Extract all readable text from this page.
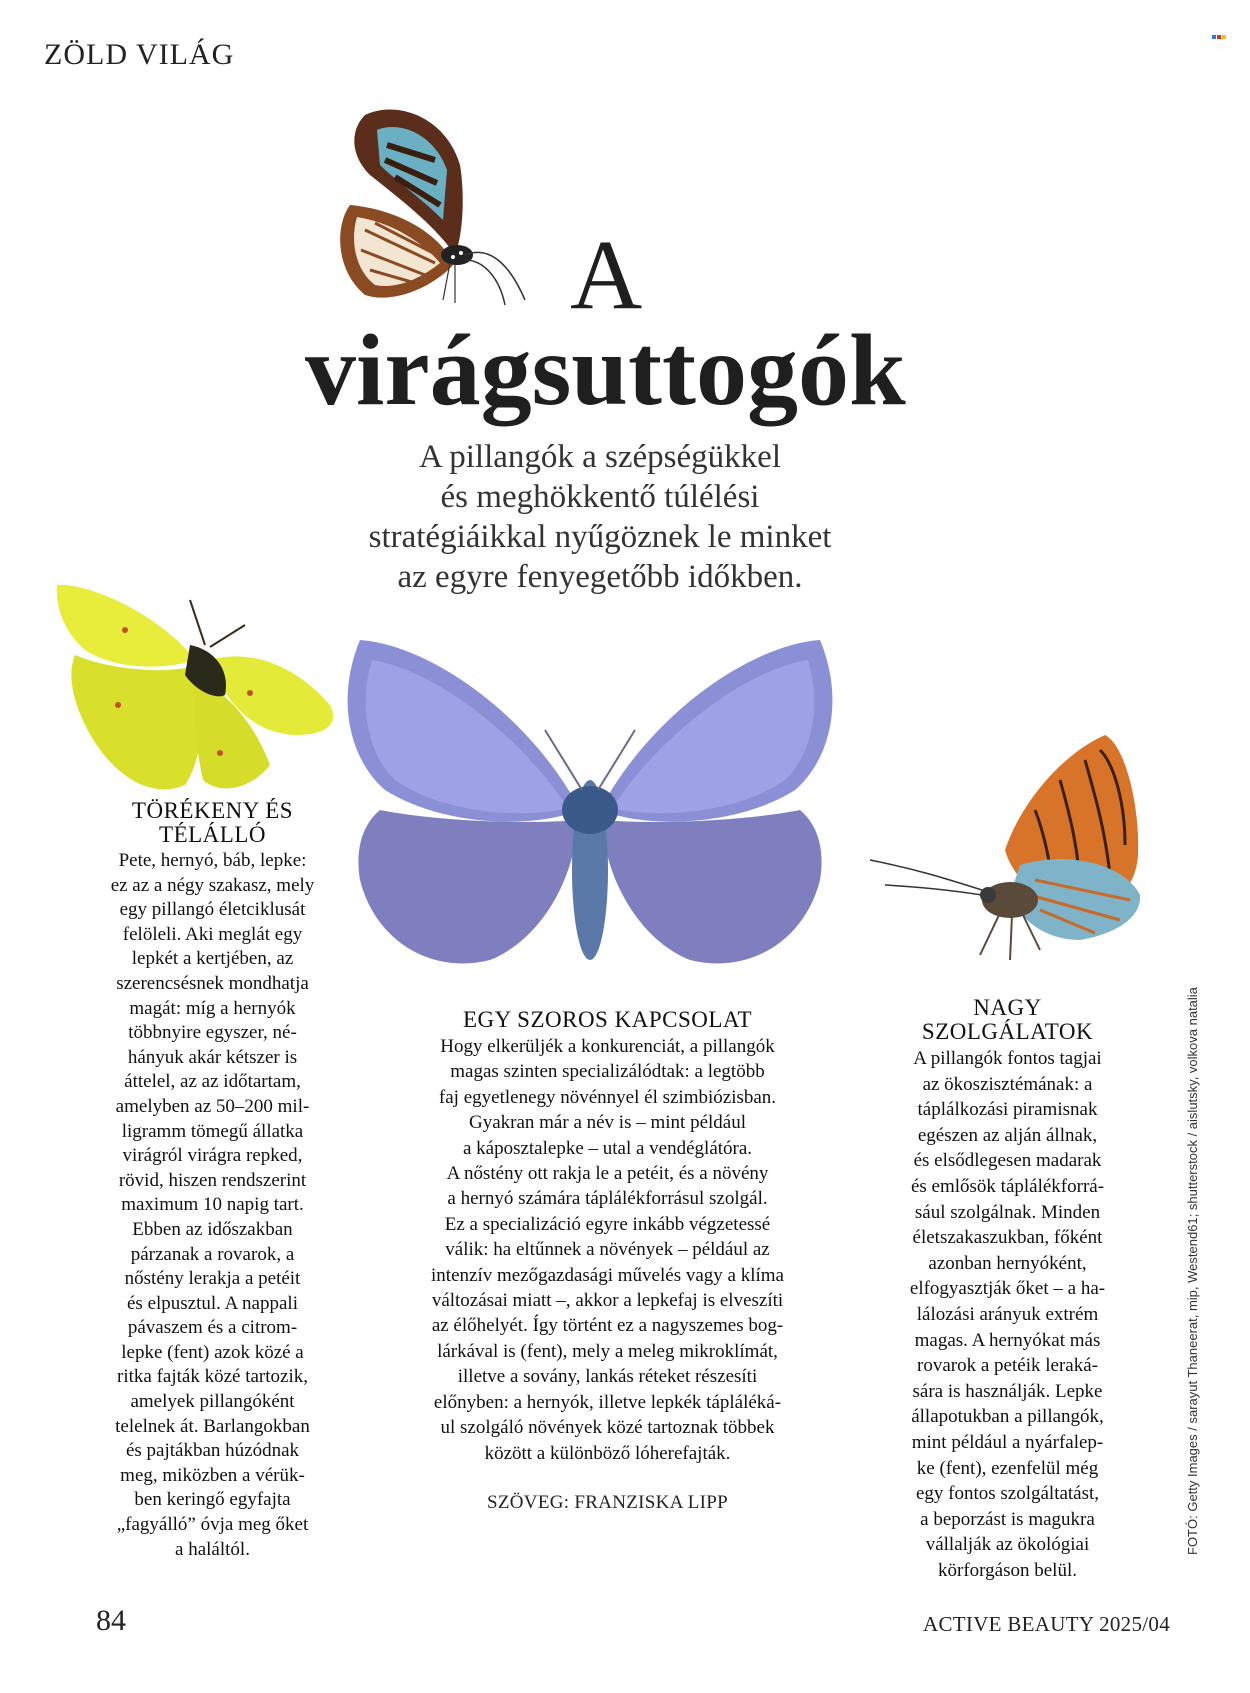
ZÖLD VILÁG
A
virágsuttogók
A pillangók a szépségükkel
és meghökkentő túlélési
stratégiáikkal nyűgöznek le minket
az egyre fenyegetőbb időkben.
TÖRÉKENY ÉS
TÉLÁLLÓ

Pete, hernyó, báb, lepke:
ez az a négy szakasz, mely
egy pillangó életciklusát
felöleli. Aki meglát egy
lepkét a kertjében, az
szerencsésnek mondhatja
magát: míg a hernyók
többnyire egyszer, né-
hányuk akár kétszer is
áttelel, az az időtartam,
amelyben az 50–200 mil-
ligramm tömegű állatka
virágról virágra repked,
rövid, hiszen rendszerint
maximum 10 napig tart.
Ebben az időszakban
párzanak a rovarok, a
nőstény lerakja a petéit
és elpusztul. A nappali
pávaszem és a citrom-
lepke (fent) azok közé a
ritka fajták közé tartozik,
amelyek pillangóként
telelnek át. Barlangokban
és pajtákban húzódnak
meg, miközben a vérük-
ben keringő egyfajta
„fagyálló” óvja meg őket
a haláltól.

EGY SZOROS KAPCSOLAT

Hogy elkerüljék a konkurenciát, a pillangók
magas szinten specializálódtak: a legtöbb
faj egyetlenegy növénnyel él szimbiózisban.
Gyakran már a név is – mint például
a káposztalepke – utal a vendéglátóra.
A nőstény ott rakja le a petéit, és a növény
a hernyó számára táplálékforrásul szolgál.
Ez a specializáció egyre inkább végzetessé
válik: ha eltűnnek a növények – például az
intenzív mezőgazdasági művelés vagy a klíma
változásai miatt –, akkor a lepkefaj is elveszíti
az élőhelyét. Így történt ez a nagyszemes bog-
lárkával is (fent), mely a meleg mikroklímát,
illetve a sovány, lankás réteket részesíti
előnyben: a hernyók, illetve lepkék tápláléká-
ul szolgáló növények közé tartoznak többek
között a különböző lóherefajták.

SZÖVEG: FRANZISKA LIPP
NAGY
SZOLGÁLATOK

A pillangók fontos tagjai
az ökoszisztémának: a
táplálkozási piramisnak
egészen az alján állnak,
és elsődlegesen madarak
és emlősök táplálékforrá-
sául szolgálnak. Minden
életszakaszukban, főként
azonban hernyóként,
elfogyasztják őket – a ha-
lálozási arányuk extrém
magas. A hernyókat más
rovarok a petéik leraká-
sára is használják. Lepke
állapotukban a pillangók,
mint például a nyárfalep-
ke (fent), ezenfelül még
egy fontos szolgáltatást,
a beporzást is magukra
vállalják az ökológiai
körforgáson belül.

FOTÓ: Getty Images / sarayut Thaneerat, mip, Westend61; shutterstock / aislutsky, volkova natalia
84	ACTIVE BEAUTY 2025/04
